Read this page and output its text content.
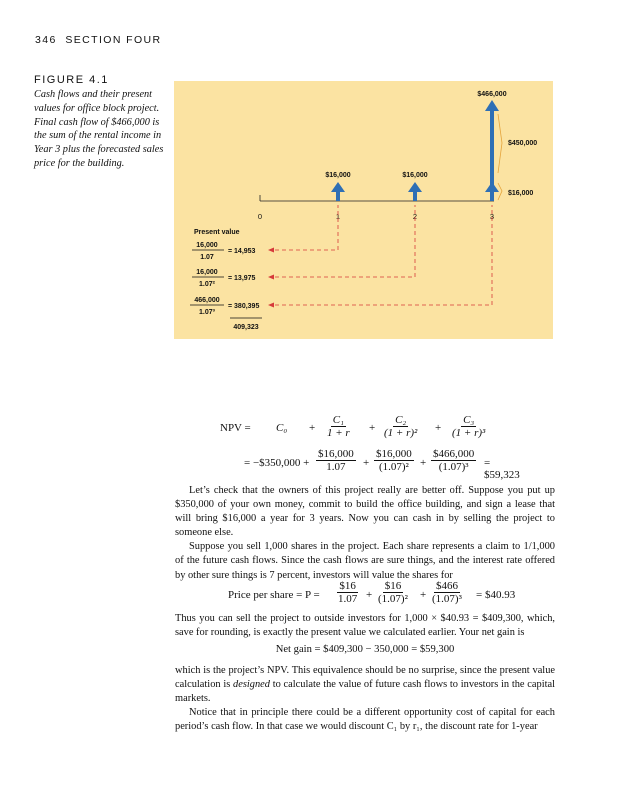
346 SECTION FOUR
FIGURE 4.1
Cash flows and their present values for office block project. Final cash flow of $466,000 is the sum of the rental income in Year 3 plus the forecasted sales price for the building.
0	1	2	3
$16,000	$16,000
$466,000
$450,000
$16,000
Present value
16,000
1.07
= 14,953
16,000
1.07²
= 13,975
466,000
1.07³
= 380,395
409,323
NPV = $C_0 + \frac{\text{C₁}}{1 + r} + \frac{\text{C₂}}{\text{(1 + r)²}} + \frac{\text{C₃}}{\text{(1 + r)³}}$
= −$350,000 + $\frac{\$16,000}{1.07} + \frac{\$16,000}{\text{(1.07)²}} + \frac{\$466,000}{\text{(1.07)³}}$ = $59,323

Let’s check that the owners of this project really are better off. Suppose you put up $350,000 of your own money, commit to build the office building, and sign a lease that will bring $16,000 a year for 3 years. Now you can cash in by selling the project to someone else.

Suppose you sell 1,000 shares in the project. Each share represents a claim to 1/1,000 of the future cash flows. Since the cash flows are sure things, and the interest rate offered by other sure things is 7 percent, investors will value the shares for

Price per share = $P = \frac{\$16}{1.07} + \frac{\$16}{\text{(1.07)²}} + \frac{\$466}{\text{(1.07)³}}$ = $40.93

Thus you can sell the project to outside investors for 1,000 × $40.93 = $409,300, which, save for rounding, is exactly the present value we calculated earlier. Your net gain is

Net gain = $409,300 − 350,000 = $59,300

which is the project’s NPV. This equivalence should be no surprise, since the present value calculation is designed to calculate the value of future cash flows to investors in the capital markets.

Notice that in principle there could be a different opportunity cost of capital for each period’s cash flow. In that case we would discount C₁ by r₁, the discount rate for 1-year
